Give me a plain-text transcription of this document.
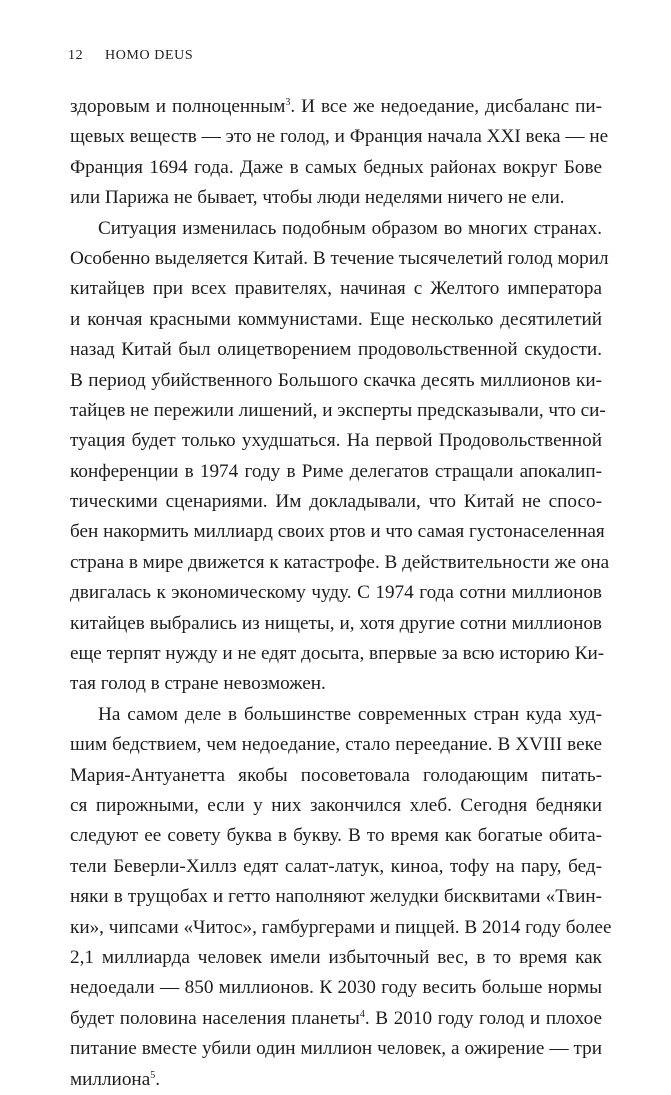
12 HOMO DEUS
здоровым и полноценным$^3$. И все же недоедание, дисбаланс пи-
щевых веществ — это не голод, и Франция начала XXI века — не
Франция 1694 года. Даже в самых бедных районах вокруг Бове
или Парижа не бывает, чтобы люди неделями ничего не ели.
Ситуация изменилась подобным образом во многих странах.
Особенно выделяется Китай. В течение тысячелетий голод морил
китайцев при всех правителях, начиная с Желтого императора
и кончая красными коммунистами. Еще несколько десятилетий
назад Китай был олицетворением продовольственной скудости.
В период убийственного Большого скачка десять миллионов ки-
тайцев не пережили лишений, и эксперты предсказывали, что си-
туация будет только ухудшаться. На первой Продовольственной
конференции в 1974 году в Риме делегатов стращали апокалип-
тическими сценариями. Им докладывали, что Китай не спосо-
бен накормить миллиард своих ртов и что самая густонаселенная
страна в мире движется к катастрофе. В действительности же она
двигалась к экономическому чуду. С 1974 года сотни миллионов
китайцев выбрались из нищеты, и, хотя другие сотни миллионов
еще терпят нужду и не едят досыта, впервые за всю историю Ки-
тая голод в стране невозможен.
На самом деле в большинстве современных стран куда худ-
шим бедствием, чем недоедание, стало переедание. В XVIII веке
Мария-Антуанетта якобы посоветовала голодающим питать-
ся пирожными, если у них закончился хлеб. Сегодня бедняки
следуют ее совету буква в букву. В то время как богатые обита-
тели Беверли-Хиллз едят салат-латук, киноа, тофу на пару, бед-
няки в трущобах и гетто наполняют желудки бисквитами «Твин-
ки», чипсами «Читос», гамбургерами и пиццей. В 2014 году более
2,1 миллиарда человек имели избыточный вес, в то время как
недоедали — 850 миллионов. К 2030 году весить больше нормы
будет половина населения планеты$^4$. В 2010 году голод и плохое
питание вместе убили один миллион человек, а ожирение — три
миллиона$^5$.
